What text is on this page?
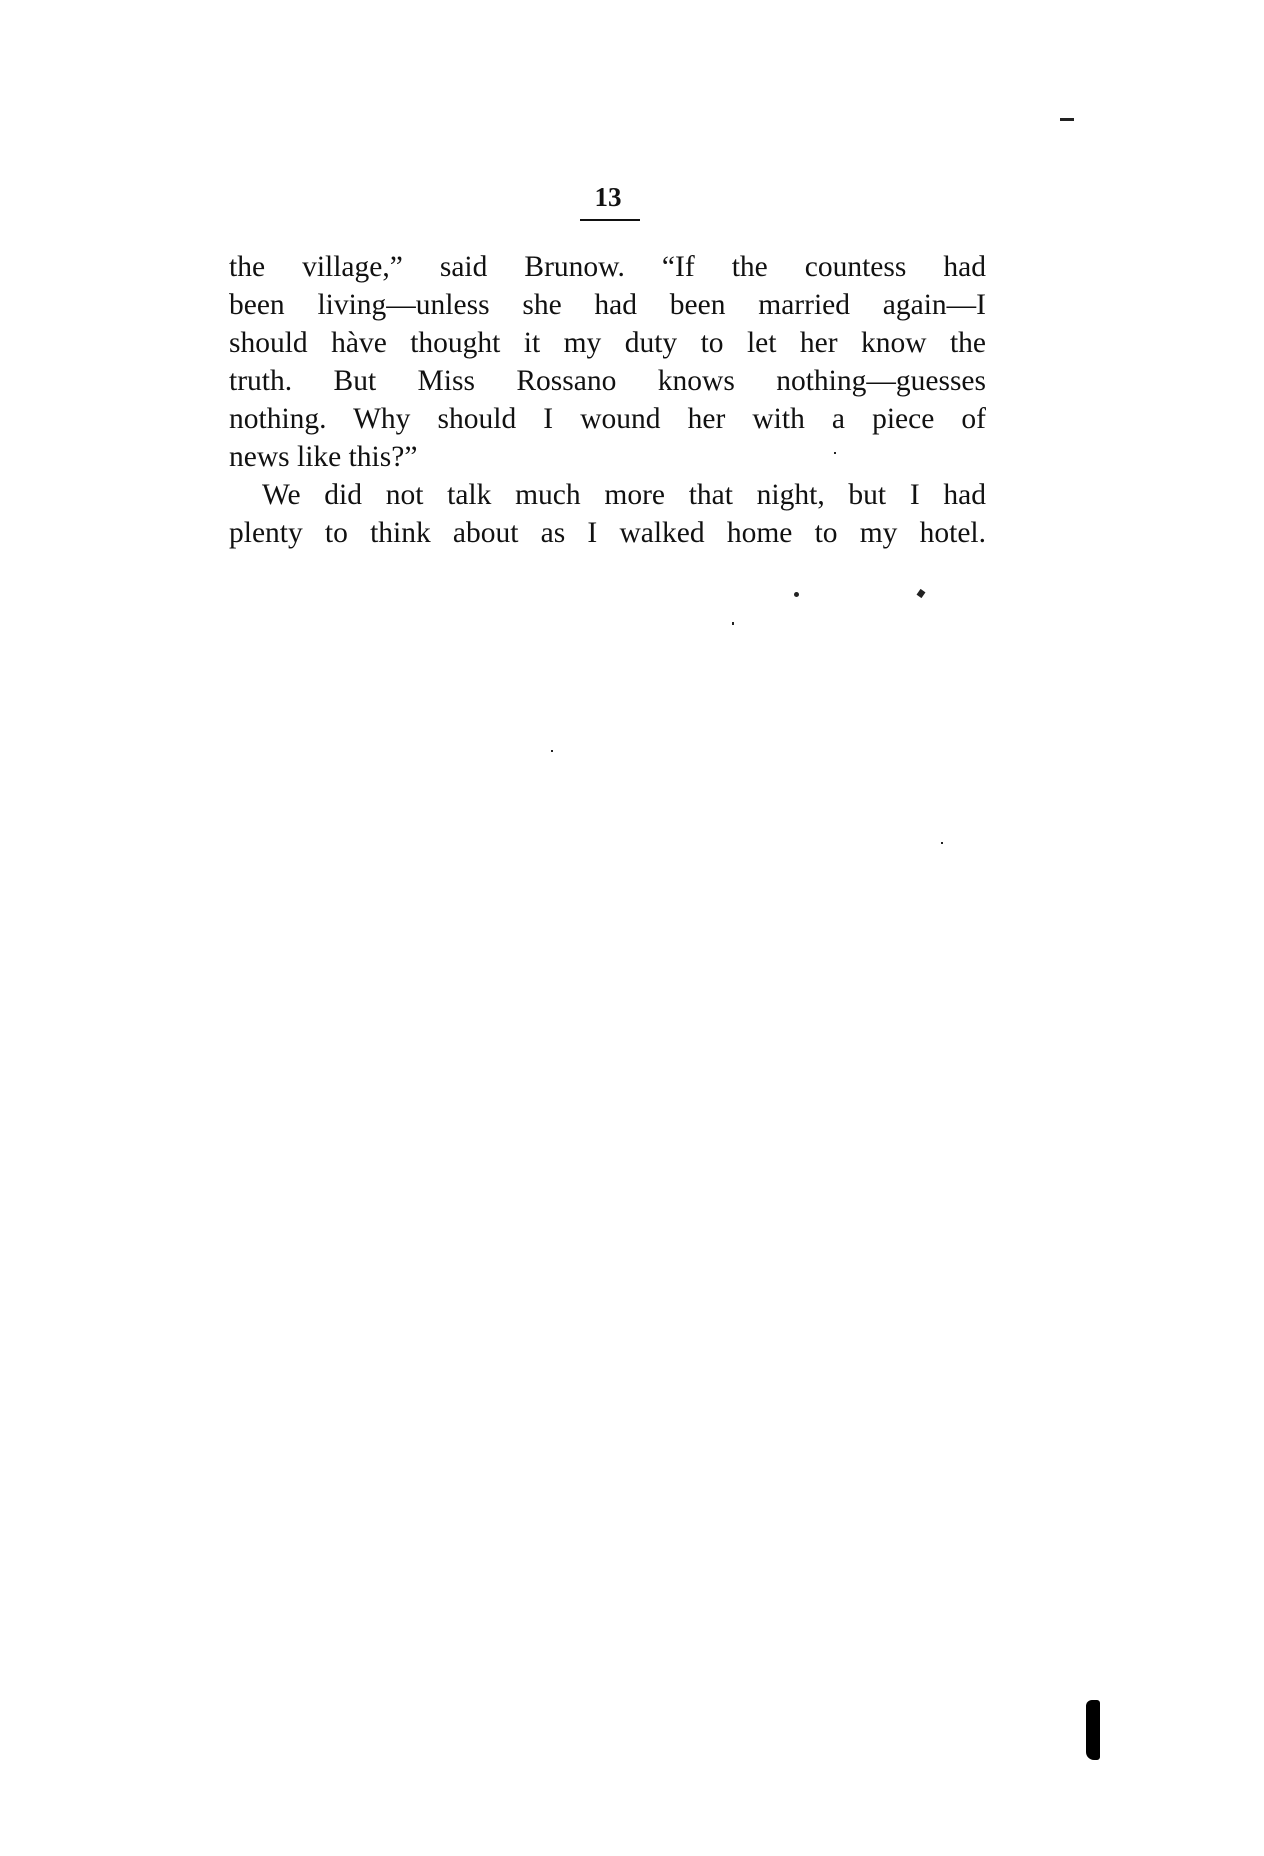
13
the village,” said Brunow. “If the countess had
been living—unless she had been married again—I
should hàve thought it my duty to let her know the
truth. But Miss Rossano knows nothing—guesses
nothing. Why should I wound her with a piece of
news like this?”
We did not talk much more that night, but I had
plenty to think about as I walked home to my hotel.
